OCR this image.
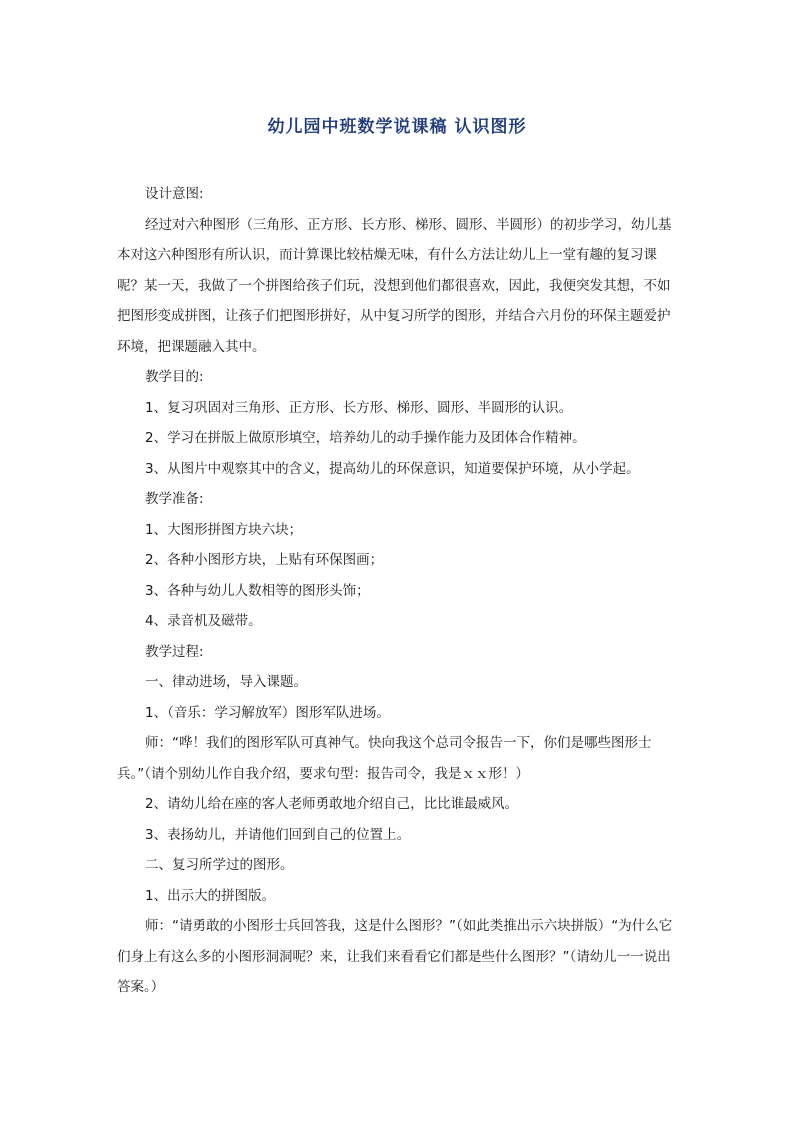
幼儿园中班数学说课稿 认识图形

设计意图:

经过对六种图形（三角形、正方形、长方形、梯形、圆形、半圆形）的初步学习，幼儿基本对这六种图形有所认识，而计算课比较枯燥无味，有什么方法让幼儿上一堂有趣的复习课呢？某一天，我做了一个拼图给孩子们玩，没想到他们都很喜欢，因此，我便突发其想，不如把图形变成拼图，让孩子们把图形拼好，从中复习所学的图形，并结合六月份的环保主题爱护环境，把课题融入其中。

教学目的:

1、复习巩固对三角形、正方形、长方形、梯形、圆形、半圆形的认识。

2、学习在拼版上做原形填空，培养幼儿的动手操作能力及团体合作精神。

3、从图片中观察其中的含义，提高幼儿的环保意识，知道要保护环境，从小学起。

教学准备:

1、大图形拼图方块六块；

2、各种小图形方块，上贴有环保图画；

3、各种与幼儿人数相等的图形头饰；

4、录音机及磁带。

教学过程:

一、律动进场，导入课题。

1、（音乐：学习解放军）图形军队进场。

师：“哗！我们的图形军队可真神气。快向我这个总司令报告一下，你们是哪些图形士兵。”（请个别幼儿作自我介绍，要求句型：报告司令，我是ｘｘ形！）

2、请幼儿给在座的客人老师勇敢地介绍自己，比比谁最威风。

3、表扬幼儿，并请他们回到自己的位置上。

二、复习所学过的图形。

1、出示大的拼图版。

师：“请勇敢的小图形士兵回答我，这是什么图形？”（如此类推出示六块拼版）“为什么它们身上有这么多的小图形洞洞呢？来，让我们来看看它们都是些什么图形？”（请幼儿一一说出答案。）
